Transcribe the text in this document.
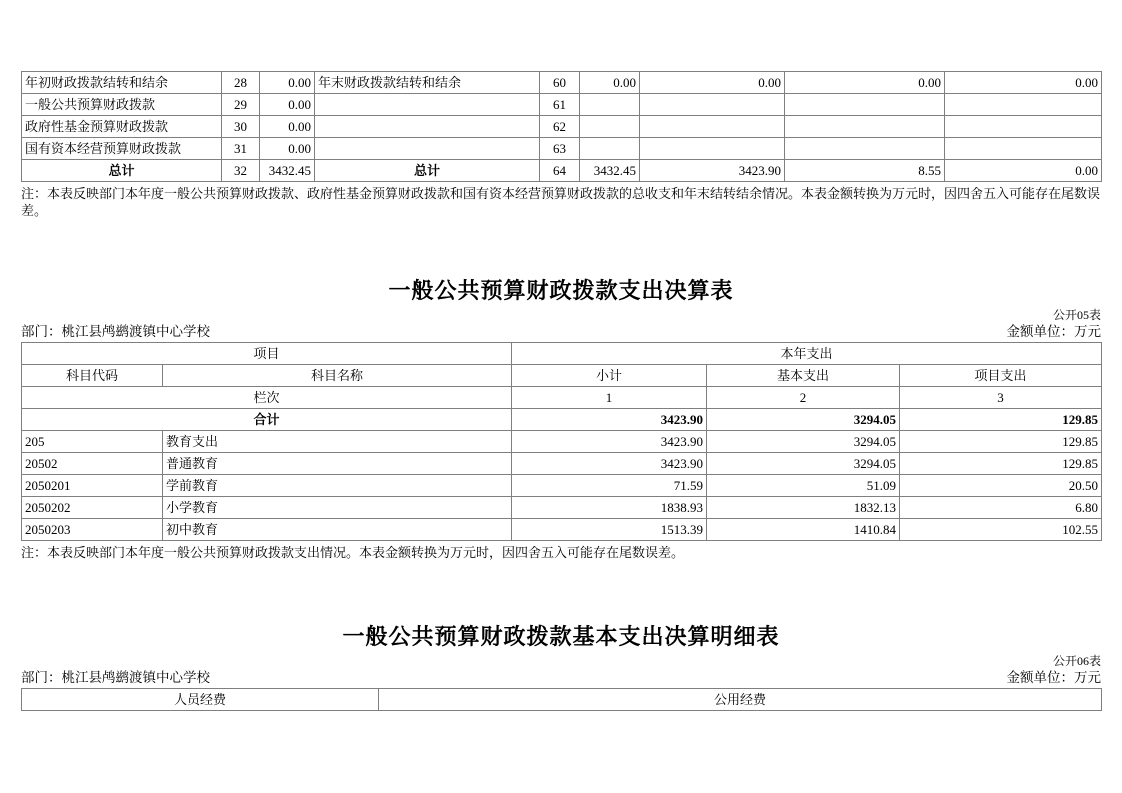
年初财政拨款结转和结余	28	0.00	年末财政拨款结转和结余	60	0.00	0.00	0.00	0.00
一般公共预算财政拨款	29	0.00		61				
政府性基金预算财政拨款	30	0.00		62				
国有资本经营预算财政拨款	31	0.00		63				
总计	32	3432.45	总计	64	3432.45	3423.90	8.55	0.00
注：本表反映部门本年度一般公共预算财政拨款、政府性基金预算财政拨款和国有资本经营预算财政拨款的总收支和年末结转结余情况。本表金额转换为万元时，因四舍五入可能存在尾数误差。
一般公共预算财政拨款支出决算表
公开05表
部门：桃江县鸬鹚渡镇中心学校	金额单位：万元
项目		本年支出		
科目代码	科目名称	小计	基本支出	项目支出
栏次		1	2	3
合计		3423.90	3294.05	129.85
205	教育支出	3423.90	3294.05	129.85
20502	普通教育	3423.90	3294.05	129.85
2050201	学前教育	71.59	51.09	20.50
2050202	小学教育	1838.93	1832.13	6.80
2050203	初中教育	1513.39	1410.84	102.55
注：本表反映部门本年度一般公共预算财政拨款支出情况。本表金额转换为万元时，因四舍五入可能存在尾数误差。
一般公共预算财政拨款基本支出决算明细表
公开06表
部门：桃江县鸬鹚渡镇中心学校	金额单位：万元
人员经费	公用经费
